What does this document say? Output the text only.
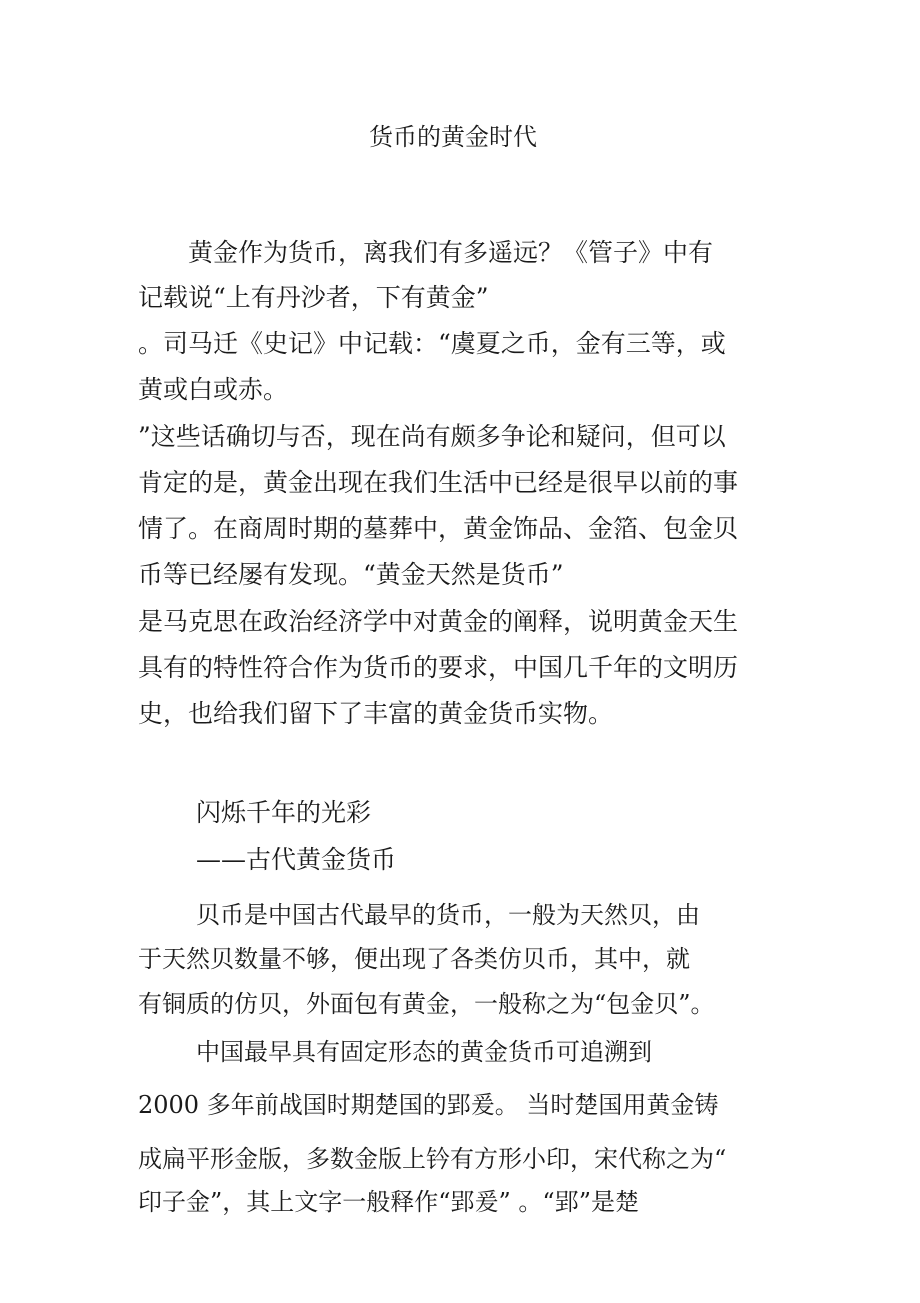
货币的黄金时代
　　黄金作为货币，离我们有多遥远？《管子》中有
记载说“上有丹沙者，下有黄金”
。司马迁《史记》中记载：“虞夏之币，金有三等，或
黄或白或赤。
”这些话确切与否，现在尚有颇多争论和疑问，但可以
肯定的是，黄金出现在我们生活中已经是很早以前的事
情了。在商周时期的墓葬中，黄金饰品、金箔、包金贝
币等已经屡有发现。“黄金天然是货币”
是马克思在政治经济学中对黄金的阐释，说明黄金天生
具有的特性符合作为货币的要求，中国几千年的文明历
史，也给我们留下了丰富的黄金货币实物。
闪烁千年的光彩
——古代黄金货币
贝币是中国古代最早的货币，一般为天然贝，由
于天然贝数量不够，便出现了各类仿贝币，其中，就
有铜质的仿贝，外面包有黄金，一般称之为“包金贝”。
中国最早具有固定形态的黄金货币可追溯到
2000 多年前战国时期楚国的郢爰。 当时楚国用黄金铸
成扁平形金版，多数金版上钤有方形小印，宋代称之为“
印子金”，其上文字一般释作“郢爰” 。“郢”是楚
